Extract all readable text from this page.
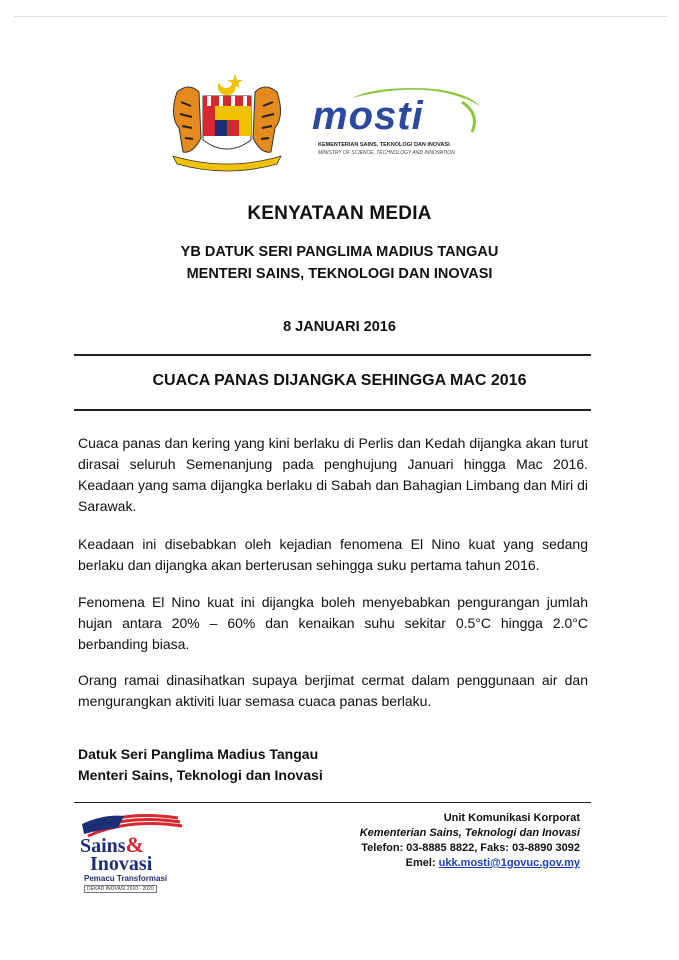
mosti
KEMENTERIAN SAINS, TEKNOLOGI DAN INOVASI
MINISTRY OF SCIENCE, TECHNOLOGY AND INNOVATION
KENYATAAN MEDIA
YB DATUK SERI PANGLIMA MADIUS TANGAU
MENTERI SAINS, TEKNOLOGI DAN INOVASI
8 JANUARI 2016
CUACA PANAS DIJANGKA SEHINGGA MAC 2016

Cuaca panas dan kering yang kini berlaku di Perlis dan Kedah dijangka akan turut dirasai seluruh Semenanjung pada penghujung Januari hingga Mac 2016. Keadaan yang sama dijangka berlaku di Sabah dan Bahagian Limbang dan Miri di Sarawak.

Keadaan ini disebabkan oleh kejadian fenomena El Nino kuat yang sedang berlaku dan dijangka akan berterusan sehingga suku pertama tahun 2016.

Fenomena El Nino kuat ini dijangka boleh menyebabkan pengurangan jumlah hujan antara 20% – 60% dan kenaikan suhu sekitar 0.5°C hingga 2.0°C berbanding biasa.

Orang ramai dinasihatkan supaya berjimat cermat dalam penggunaan air dan mengurangkan aktiviti luar semasa cuaca panas berlaku.

Datuk Seri Panglima Madius Tangau
Menteri Sains, Teknologi dan Inovasi
Sains&
Inovasi
Pemacu Transformasi
DEKAD INOVASI 2010 - 2020
Unit Komunikasi Korporat
Kementerian Sains, Teknologi dan Inovasi
Telefon: 03-8885 8822, Faks: 03-8890 3092
Emel: ukk.mosti@1govuc.gov.my
